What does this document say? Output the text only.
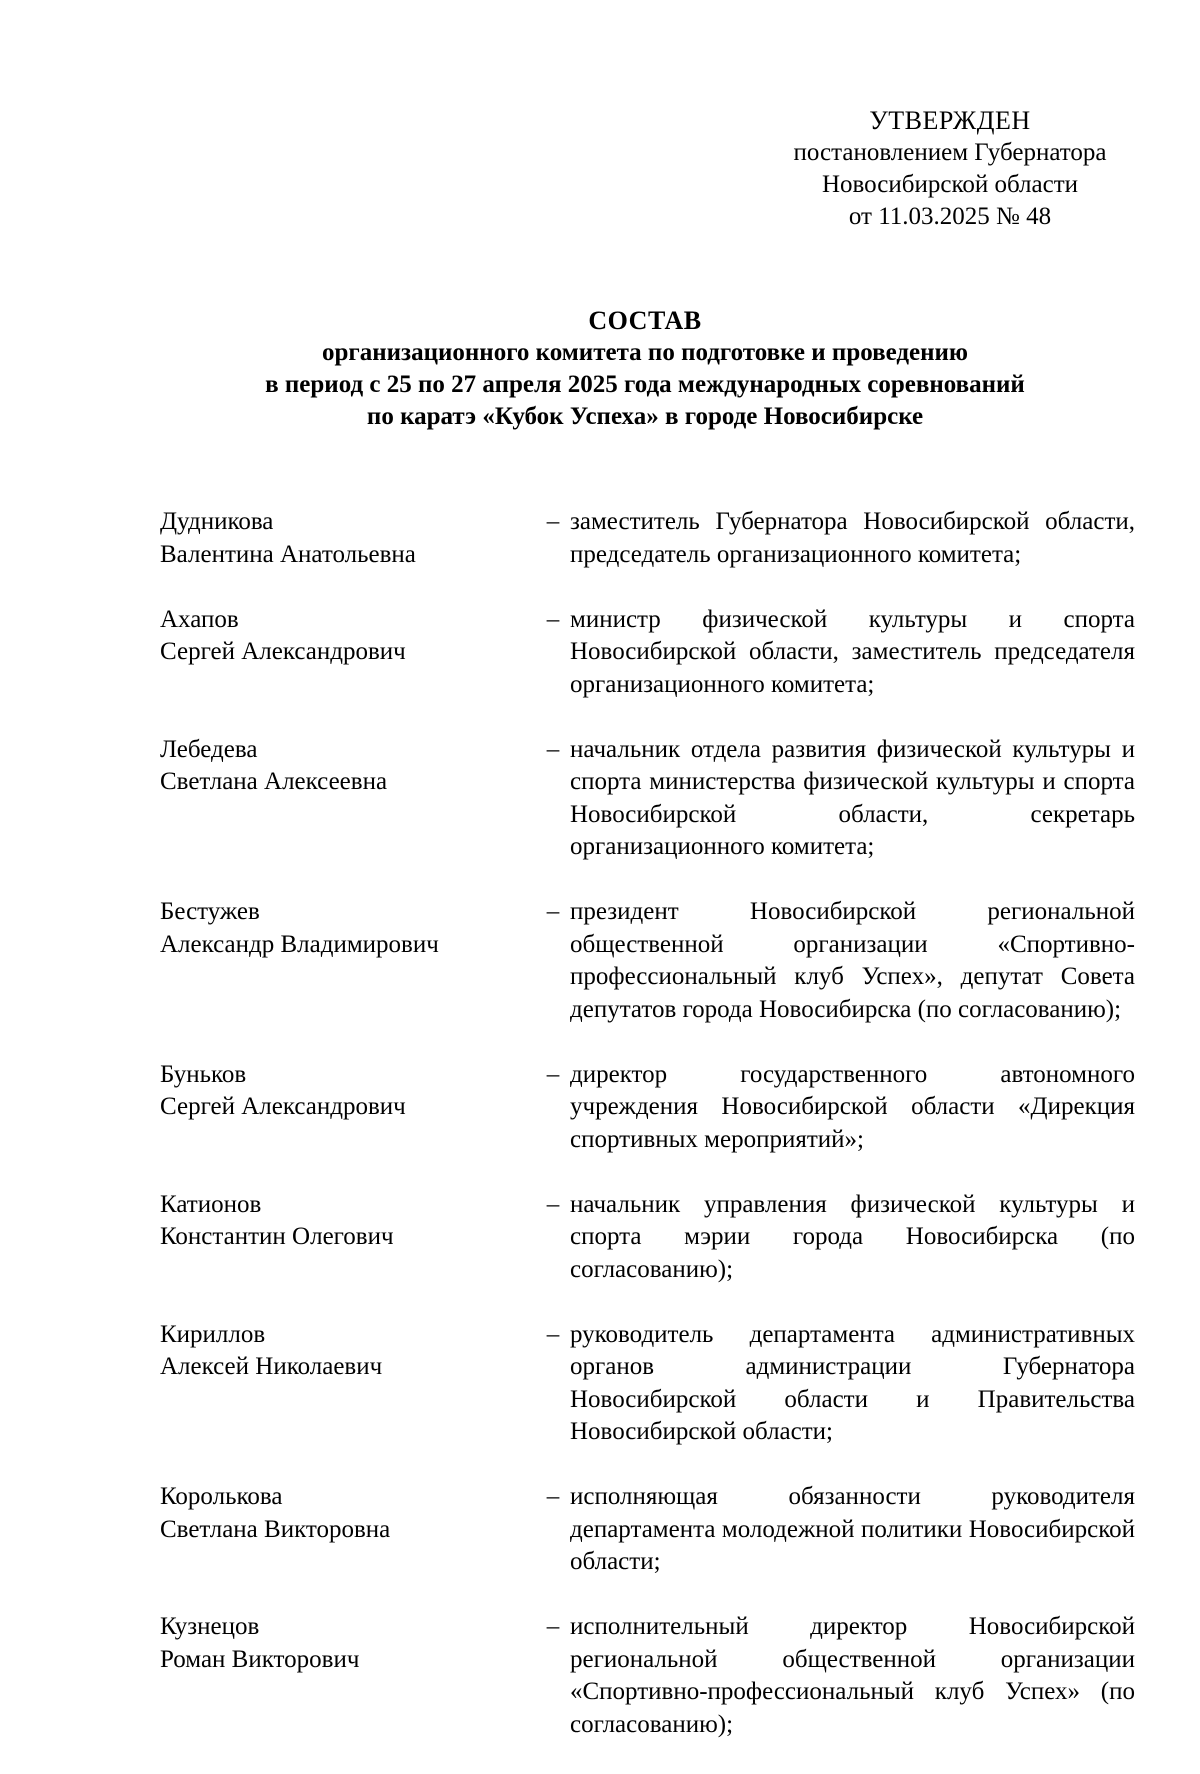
УТВЕРЖДЕН
постановлением Губернатора
Новосибирской области
от 11.03.2025 № 48
СОСТАВ
организационного комитета по подготовке и проведению
в период с 25 по 27 апреля 2025 года международных соревнований
по каратэ «Кубок Успеха» в городе Новосибирске
Дудникова
Валентина Анатольевна
– заместитель Губернатора Новосибирской области, председатель организационного комитета;
Ахапов
Сергей Александрович
– министр физической культуры и спорта Новосибирской области, заместитель председателя организационного комитета;
Лебедева
Светлана Алексеевна
– начальник отдела развития физической культуры и спорта министерства физической культуры и спорта Новосибирской области, секретарь организационного комитета;
Бестужев
Александр Владимирович
– президент Новосибирской региональной общественной организации «Спортивно-профессиональный клуб Успех», депутат Совета депутатов города Новосибирска (по согласованию);
Буньков
Сергей Александрович
– директор государственного автономного учреждения Новосибирской области «Дирекция спортивных мероприятий»;
Катионов
Константин Олегович
– начальник управления физической культуры и спорта мэрии города Новосибирска (по согласованию);
Кириллов
Алексей Николаевич
– руководитель департамента административных органов администрации Губернатора Новосибирской области и Правительства Новосибирской области;
Королькова
Светлана Викторовна
– исполняющая обязанности руководителя департамента молодежной политики Новосибирской области;
Кузнецов
Роман Викторович
– исполнительный директор Новосибирской региональной общественной организации «Спортивно-профессиональный клуб Успех» (по согласованию);
